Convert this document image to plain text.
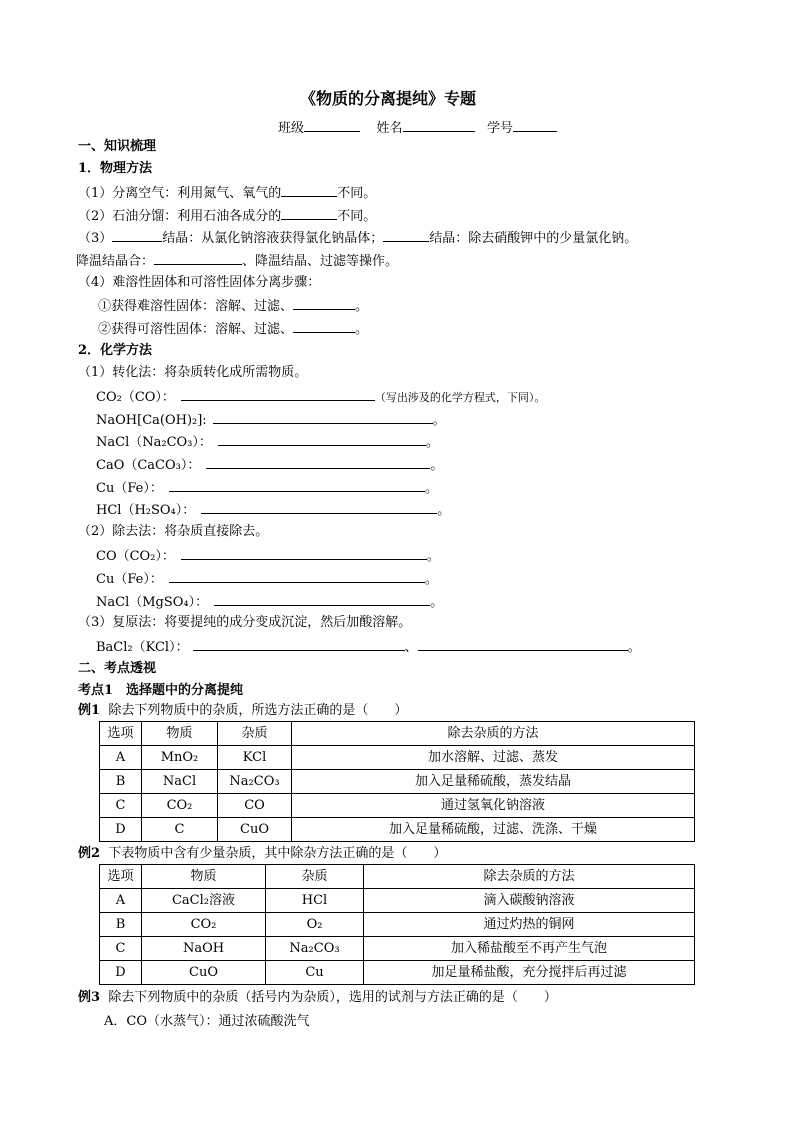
《物质的分离提纯》专题
班级	姓名	学号
一、知识梳理
1．物理方法
（1）分离空气：利用氮气、氧气的	不同。
（2）石油分馏：利用石油各成分的	不同。
（3）	结晶：从氯化钠溶液获得氯化钠晶体；	结晶：除去硝酸钾中的少量氯化钠。
降温结晶合：	、降温结晶、过滤等操作。
（4）难溶性固体和可溶性固体分离步骤：
①获得难溶性固体：溶解、过滤、	。
②获得可溶性固体：溶解、过滤、	。
2．化学方法
（1）转化法：将杂质转化成所需物质。
CO₂（CO）：	（写出涉及的化学方程式，下同）。
NaOH[Ca(OH)₂]:	。
NaCl（Na₂CO₃）：	。
CaO（CaCO₃）：	。
Cu（Fe）：	。
HCl（H₂SO₄）：	。
（2）除去法：将杂质直接除去。
CO（CO₂）：	。
Cu（Fe）：	。
NaCl（MgSO₄）：	。
（3）复原法：将要提纯的成分变成沉淀，然后加酸溶解。
BaCl₂（KCl）：	、	。
二、考点透视
考点1　选择题中的分离提纯
例1 除去下列物质中的杂质，所选方法正确的是（　　）
选项	物质	杂质	除去杂质的方法
A	MnO₂	KCl	加水溶解、过滤、蒸发
B	NaCl	Na₂CO₃	加入足量稀硫酸，蒸发结晶
C	CO₂	CO	通过氢氧化钠溶液
D	C	CuO	加入足量稀硫酸，过滤、洗涤、干燥
例2 下表物质中含有少量杂质，其中除杂方法正确的是（　　）
选项	物质	杂质	除去杂质的方法
A	CaCl₂溶液	HCl	滴入碳酸钠溶液
B	CO₂	O₂	通过灼热的铜网
C	NaOH	Na₂CO₃	加入稀盐酸至不再产生气泡
D	CuO	Cu	加足量稀盐酸，充分搅拌后再过滤
例3 除去下列物质中的杂质（括号内为杂质），选用的试剂与方法正确的是（　　）
A．CO（水蒸气）：通过浓硫酸洗气
